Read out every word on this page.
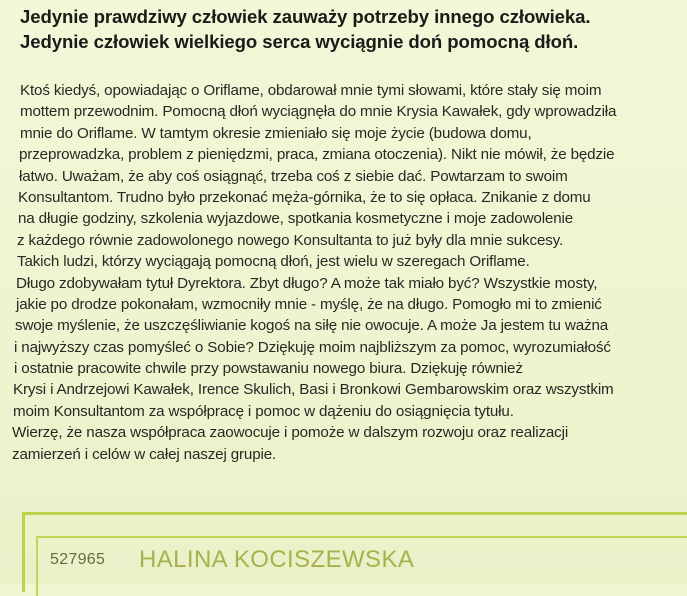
Jedynie prawdziwy człowiek zauważy potrzeby innego człowieka.
Jedynie człowiek wielkiego serca wyciągnie doń pomocną dłoń.
Ktoś kiedyś, opowiadając o Oriflame, obdarował mnie tymi słowami, które stały się moim
mottem przewodnim. Pomocną dłoń wyciągnęła do mnie Krysia Kawałek, gdy wprowadziła
mnie do Oriflame. W tamtym okresie zmieniało się moje życie (budowa domu,
przeprowadzka, problem z pieniędzmi, praca, zmiana otoczenia). Nikt nie mówił, że będzie
łatwo. Uważam, że aby coś osiągnąć, trzeba coś z siebie dać. Powtarzam to swoim
Konsultantom. Trudno było przekonać męża-górnika, że to się opłaca. Znikanie z domu
na długie godziny, szkolenia wyjazdowe, spotkania kosmetyczne i moje zadowolenie
z każdego równie zadowolonego nowego Konsultanta to już były dla mnie sukcesy.
Takich ludzi, którzy wyciągają pomocną dłoń, jest wielu w szeregach Oriflame.
Długo zdobywałam tytuł Dyrektora. Zbyt długo? A może tak miało być? Wszystkie mosty,
jakie po drodze pokonałam, wzmocniły mnie - myślę, że na długo. Pomogło mi to zmienić
swoje myślenie, że uszczęśliwianie kogoś na siłę nie owocuje. A może Ja jestem tu ważna
i najwyższy czas pomyśleć o Sobie? Dziękuję moim najbliższym za pomoc, wyrozumiałość
i ostatnie pracowite chwile przy powstawaniu nowego biura. Dziękuję również
Krysi i Andrzejowi Kawałek, Irence Skulich, Basi i Bronkowi Gembarowskim oraz wszystkim
moim Konsultantom za współpracę i pomoc w dążeniu do osiągnięcia tytułu.
Wierzę, że nasza współpraca zaowocuje i pomoże w dalszym rozwoju oraz realizacji
zamierzeń i celów w całej naszej grupie.
527965 HALINA KOCISZEWSKA
